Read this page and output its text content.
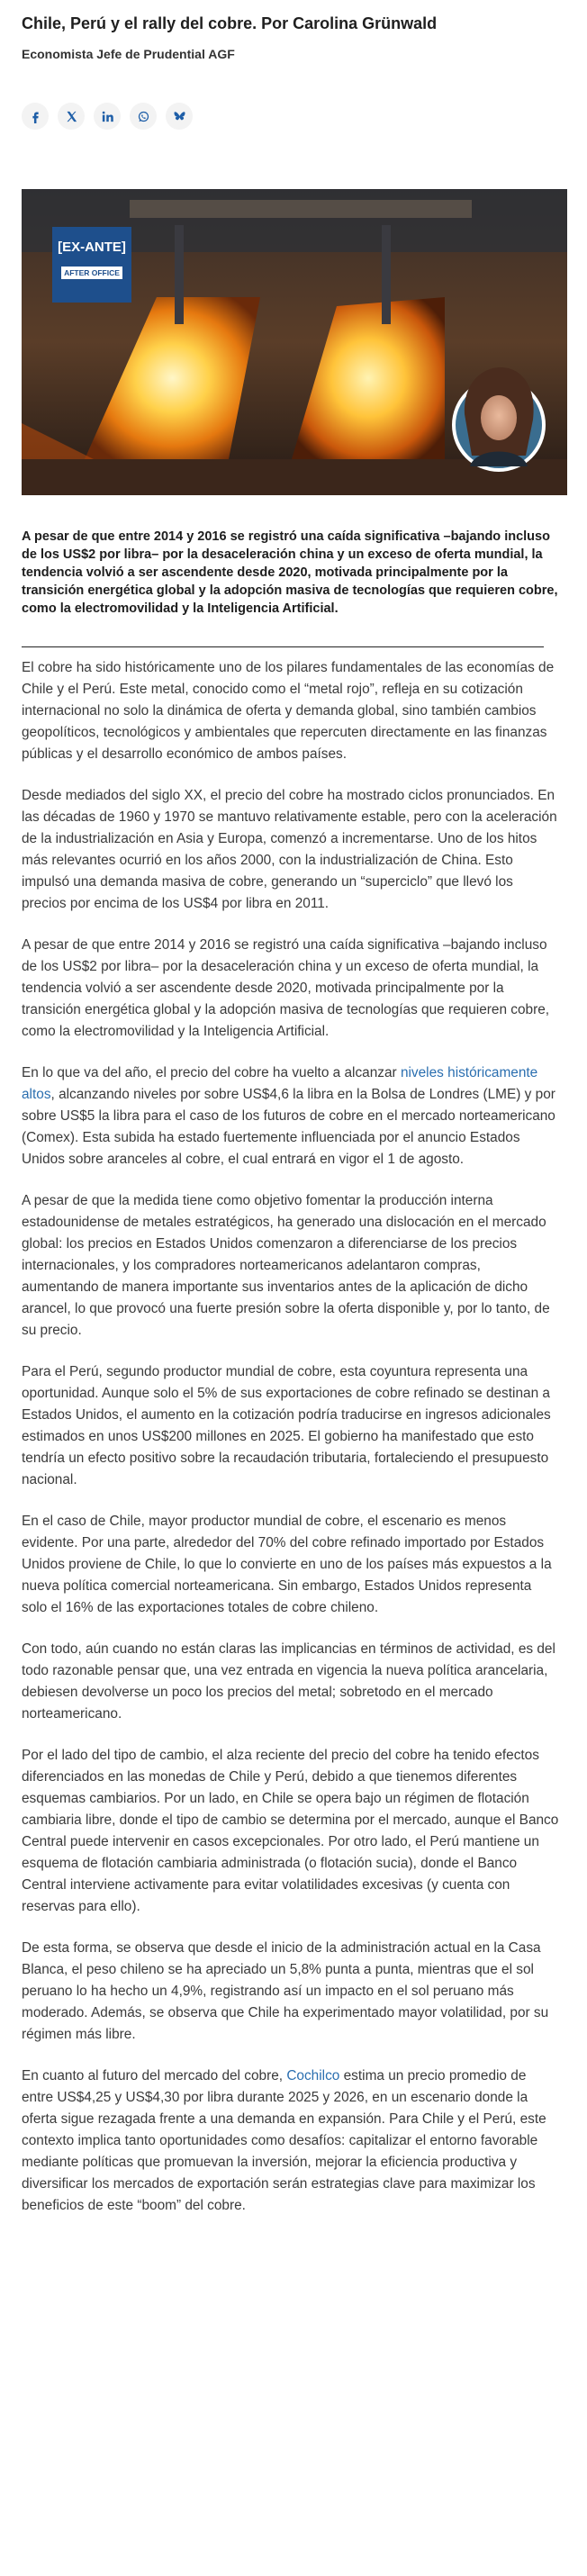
Chile, Perú y el rally del cobre. Por Carolina Grünwald

Economista Jefe de Prudential AGF

[EX-ANTE]
AFTER OFFICE

A pesar de que entre 2014 y 2016 se registró una caída significativa –bajando incluso de los US$2 por libra– por la desaceleración china y un exceso de oferta mundial, la tendencia volvió a ser ascendente desde 2020, motivada principalmente por la transición energética global y la adopción masiva de tecnologías que requieren cobre, como la electromovilidad y la Inteligencia Artificial.

El cobre ha sido históricamente uno de los pilares fundamentales de las economías de Chile y el Perú. Este metal, conocido como el “metal rojo”, refleja en su cotización internacional no solo la dinámica de oferta y demanda global, sino también cambios geopolíticos, tecnológicos y ambientales que repercuten directamente en las finanzas públicas y el desarrollo económico de ambos países.

Desde mediados del siglo XX, el precio del cobre ha mostrado ciclos pronunciados. En las décadas de 1960 y 1970 se mantuvo relativamente estable, pero con la aceleración de la industrialización en Asia y Europa, comenzó a incrementarse. Uno de los hitos más relevantes ocurrió en los años 2000, con la industrialización de China. Esto impulsó una demanda masiva de cobre, generando un “superciclo” que llevó los precios por encima de los US$4 por libra en 2011.

A pesar de que entre 2014 y 2016 se registró una caída significativa –bajando incluso de los US$2 por libra– por la desaceleración china y un exceso de oferta mundial, la tendencia volvió a ser ascendente desde 2020, motivada principalmente por la transición energética global y la adopción masiva de tecnologías que requieren cobre, como la electromovilidad y la Inteligencia Artificial.

En lo que va del año, el precio del cobre ha vuelto a alcanzar niveles históricamente altos, alcanzando niveles por sobre US$4,6 la libra en la Bolsa de Londres (LME) y por sobre US$5 la libra para el caso de los futuros de cobre en el mercado norteamericano (Comex). Esta subida ha estado fuertemente influenciada por el anuncio Estados Unidos sobre aranceles al cobre, el cual entrará en vigor el 1 de agosto.

A pesar de que la medida tiene como objetivo fomentar la producción interna estadounidense de metales estratégicos, ha generado una dislocación en el mercado global: los precios en Estados Unidos comenzaron a diferenciarse de los precios internacionales, y los compradores norteamericanos adelantaron compras, aumentando de manera importante sus inventarios antes de la aplicación de dicho arancel, lo que provocó una fuerte presión sobre la oferta disponible y, por lo tanto, de su precio.

Para el Perú, segundo productor mundial de cobre, esta coyuntura representa una oportunidad. Aunque solo el 5% de sus exportaciones de cobre refinado se destinan a Estados Unidos, el aumento en la cotización podría traducirse en ingresos adicionales estimados en unos US$200 millones en 2025. El gobierno ha manifestado que esto tendría un efecto positivo sobre la recaudación tributaria, fortaleciendo el presupuesto nacional.

En el caso de Chile, mayor productor mundial de cobre, el escenario es menos evidente. Por una parte, alrededor del 70% del cobre refinado importado por Estados Unidos proviene de Chile, lo que lo convierte en uno de los países más expuestos a la nueva política comercial norteamericana. Sin embargo, Estados Unidos representa solo el 16% de las exportaciones totales de cobre chileno.

Con todo, aún cuando no están claras las implicancias en términos de actividad, es del todo razonable pensar que, una vez entrada en vigencia la nueva política arancelaria, debiesen devolverse un poco los precios del metal; sobretodo en el mercado norteamericano.

Por el lado del tipo de cambio, el alza reciente del precio del cobre ha tenido efectos diferenciados en las monedas de Chile y Perú, debido a que tienemos diferentes esquemas cambiarios. Por un lado, en Chile se opera bajo un régimen de flotación cambiaria libre, donde el tipo de cambio se determina por el mercado, aunque el Banco Central puede intervenir en casos excepcionales. Por otro lado, el Perú mantiene un esquema de flotación cambiaria administrada (o flotación sucia), donde el Banco Central interviene activamente para evitar volatilidades excesivas (y cuenta con reservas para ello).

De esta forma, se observa que desde el inicio de la administración actual en la Casa Blanca, el peso chileno se ha apreciado un 5,8% punta a punta, mientras que el sol peruano lo ha hecho un 4,9%, registrando así un impacto en el sol peruano más moderado. Además, se observa que Chile ha experimentado mayor volatilidad, por su régimen más libre.

En cuanto al futuro del mercado del cobre, Cochilco estima un precio promedio de entre US$4,25 y US$4,30 por libra durante 2025 y 2026, en un escenario donde la oferta sigue rezagada frente a una demanda en expansión. Para Chile y el Perú, este contexto implica tanto oportunidades como desafíos: capitalizar el entorno favorable mediante políticas que promuevan la inversión, mejorar la eficiencia productiva y diversificar los mercados de exportación serán estrategias clave para maximizar los beneficios de este “boom” del cobre.
